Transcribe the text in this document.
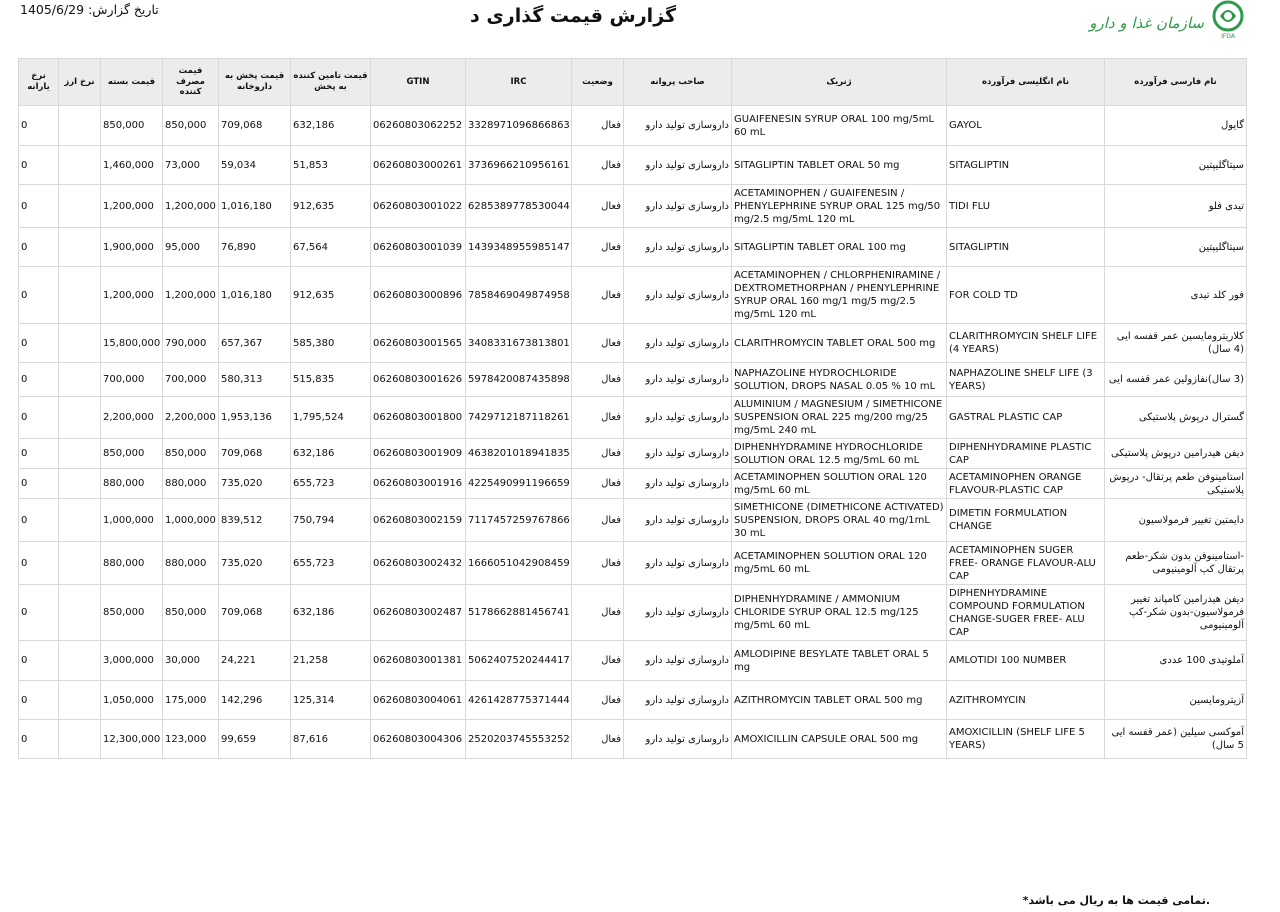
تاریخ گزارش: 1405/6/29	گزارش قیمت گذاری د
IFDA
سازمان غذا و دارو
نرخ یارانه	نرخ ارز	قیمت بسته	قیمت مصرف کننده	قیمت پخش به داروخانه	قیمت تامین کننده به پخش	GTIN	IRC	وضعیت	صاحب پروانه	ژنریک	نام انگلیسی فرآورده	نام فارسی فرآورده
0		850,000	850,000	709,068	632,186	06260803062252	3328971096866863	فعال	داروسازی تولید دارو	GUAIFENESIN SYRUP ORAL 100 mg/5mL 60 mL	GAYOL	گایول
0		1,460,000	73,000	59,034	51,853	06260803000261	3736966210956161	فعال	داروسازی تولید دارو	SITAGLIPTIN TABLET ORAL 50 mg	SITAGLIPTIN	سیتاگلیپتین
0		1,200,000	1,200,000	1,016,180	912,635	06260803001022	6285389778530044	فعال	داروسازی تولید دارو	ACETAMINOPHEN / GUAIFENESIN / PHENYLEPHRINE SYRUP ORAL 125 mg/50 mg/2.5 mg/5mL 120 mL	TIDI FLU	تیدی فلو
0		1,900,000	95,000	76,890	67,564	06260803001039	1439348955985147	فعال	داروسازی تولید دارو	SITAGLIPTIN TABLET ORAL 100 mg	SITAGLIPTIN	سیتاگلیپتین
0		1,200,000	1,200,000	1,016,180	912,635	06260803000896	7858469049874958	فعال	داروسازی تولید دارو	ACETAMINOPHEN / CHLORPHENIRAMINE / DEXTROMETHORPHAN / PHENYLEPHRINE SYRUP ORAL 160 mg/1 mg/5 mg/2.5 mg/5mL 120 mL	FOR COLD TD	فور کلد تیدی
0		15,800,000	790,000	657,367	585,380	06260803001565	3408331673813801	فعال	داروسازی تولید دارو	CLARITHROMYCIN TABLET ORAL 500 mg	CLARITHROMYCIN SHELF LIFE (4 YEARS)	کلاریترومایسین عمر قفسه ایی (4 سال)
0		700,000	700,000	580,313	515,835	06260803001626	5978420087435898	فعال	داروسازی تولید دارو	NAPHAZOLINE HYDROCHLORIDE SOLUTION, DROPS NASAL 0.05 % 10 mL	NAPHAZOLINE SHELF LIFE (3 YEARS)	(3 سال)نفازولین عمر قفسه ایی
0		2,200,000	2,200,000	1,953,136	1,795,524	06260803001800	7429712187118261	فعال	داروسازی تولید دارو	ALUMINIUM / MAGNESIUM / SIMETHICONE SUSPENSION ORAL 225 mg/200 mg/25 mg/5mL 240 mL	GASTRAL PLASTIC CAP	گسترال درپوش پلاستیکی
0		850,000	850,000	709,068	632,186	06260803001909	4638201018941835	فعال	داروسازی تولید دارو	DIPHENHYDRAMINE HYDROCHLORIDE SOLUTION ORAL 12.5 mg/5mL 60 mL	DIPHENHYDRAMINE PLASTIC CAP	دیفن هیدرامین درپوش پلاستیکی
0		880,000	880,000	735,020	655,723	06260803001916	4225490991196659	فعال	داروسازی تولید دارو	ACETAMINOPHEN SOLUTION ORAL 120 mg/5mL 60 mL	ACETAMINOPHEN ORANGE FLAVOUR-PLASTIC CAP	استامینوفن طعم پرتقال- درپوش پلاستیکی
0		1,000,000	1,000,000	839,512	750,794	06260803002159	7117457259767866	فعال	داروسازی تولید دارو	SIMETHICONE (DIMETHICONE ACTIVATED) SUSPENSION, DROPS ORAL 40 mg/1mL 30 mL	DIMETIN FORMULATION CHANGE	دایمتین تغییر فرمولاسیون
0		880,000	880,000	735,020	655,723	06260803002432	1666051042908459	فعال	داروسازی تولید دارو	ACETAMINOPHEN SOLUTION ORAL 120 mg/5mL 60 mL	ACETAMINOPHEN SUGER FREE- ORANGE FLAVOUR-ALU CAP	-استامینوفن بدون شکر-طعم پرتقال کپ آلومینیومی
0		850,000	850,000	709,068	632,186	06260803002487	5178662881456741	فعال	داروسازی تولید دارو	DIPHENHYDRAMINE / AMMONIUM CHLORIDE SYRUP ORAL 12.5 mg/125 mg/5mL 60 mL	DIPHENHYDRAMINE COMPOUND FORMULATION CHANGE-SUGER FREE- ALU CAP	دیفن هیدرامین کامپاند تغییر فرمولاسیون-بدون شکر-کپ آلومینیومی
0		3,000,000	30,000	24,221	21,258	06260803001381	5062407520244417	فعال	داروسازی تولید دارو	AMLODIPINE BESYLATE TABLET ORAL 5 mg	AMLOTIDI 100 NUMBER	آملوتیدی 100 عددی
0		1,050,000	175,000	142,296	125,314	06260803004061	4261428775371444	فعال	داروسازی تولید دارو	AZITHROMYCIN TABLET ORAL 500 mg	AZITHROMYCIN	آزیترومایسین
0		12,300,000	123,000	99,659	87,616	06260803004306	2520203745553252	فعال	داروسازی تولید دارو	AMOXICILLIN CAPSULE ORAL 500 mg	AMOXICILLIN (SHELF LIFE 5 YEARS)	آموکسی سیلین (عمر قفسه ایی 5 سال)
.تمامی قیمت ها به ریال می باشد*
